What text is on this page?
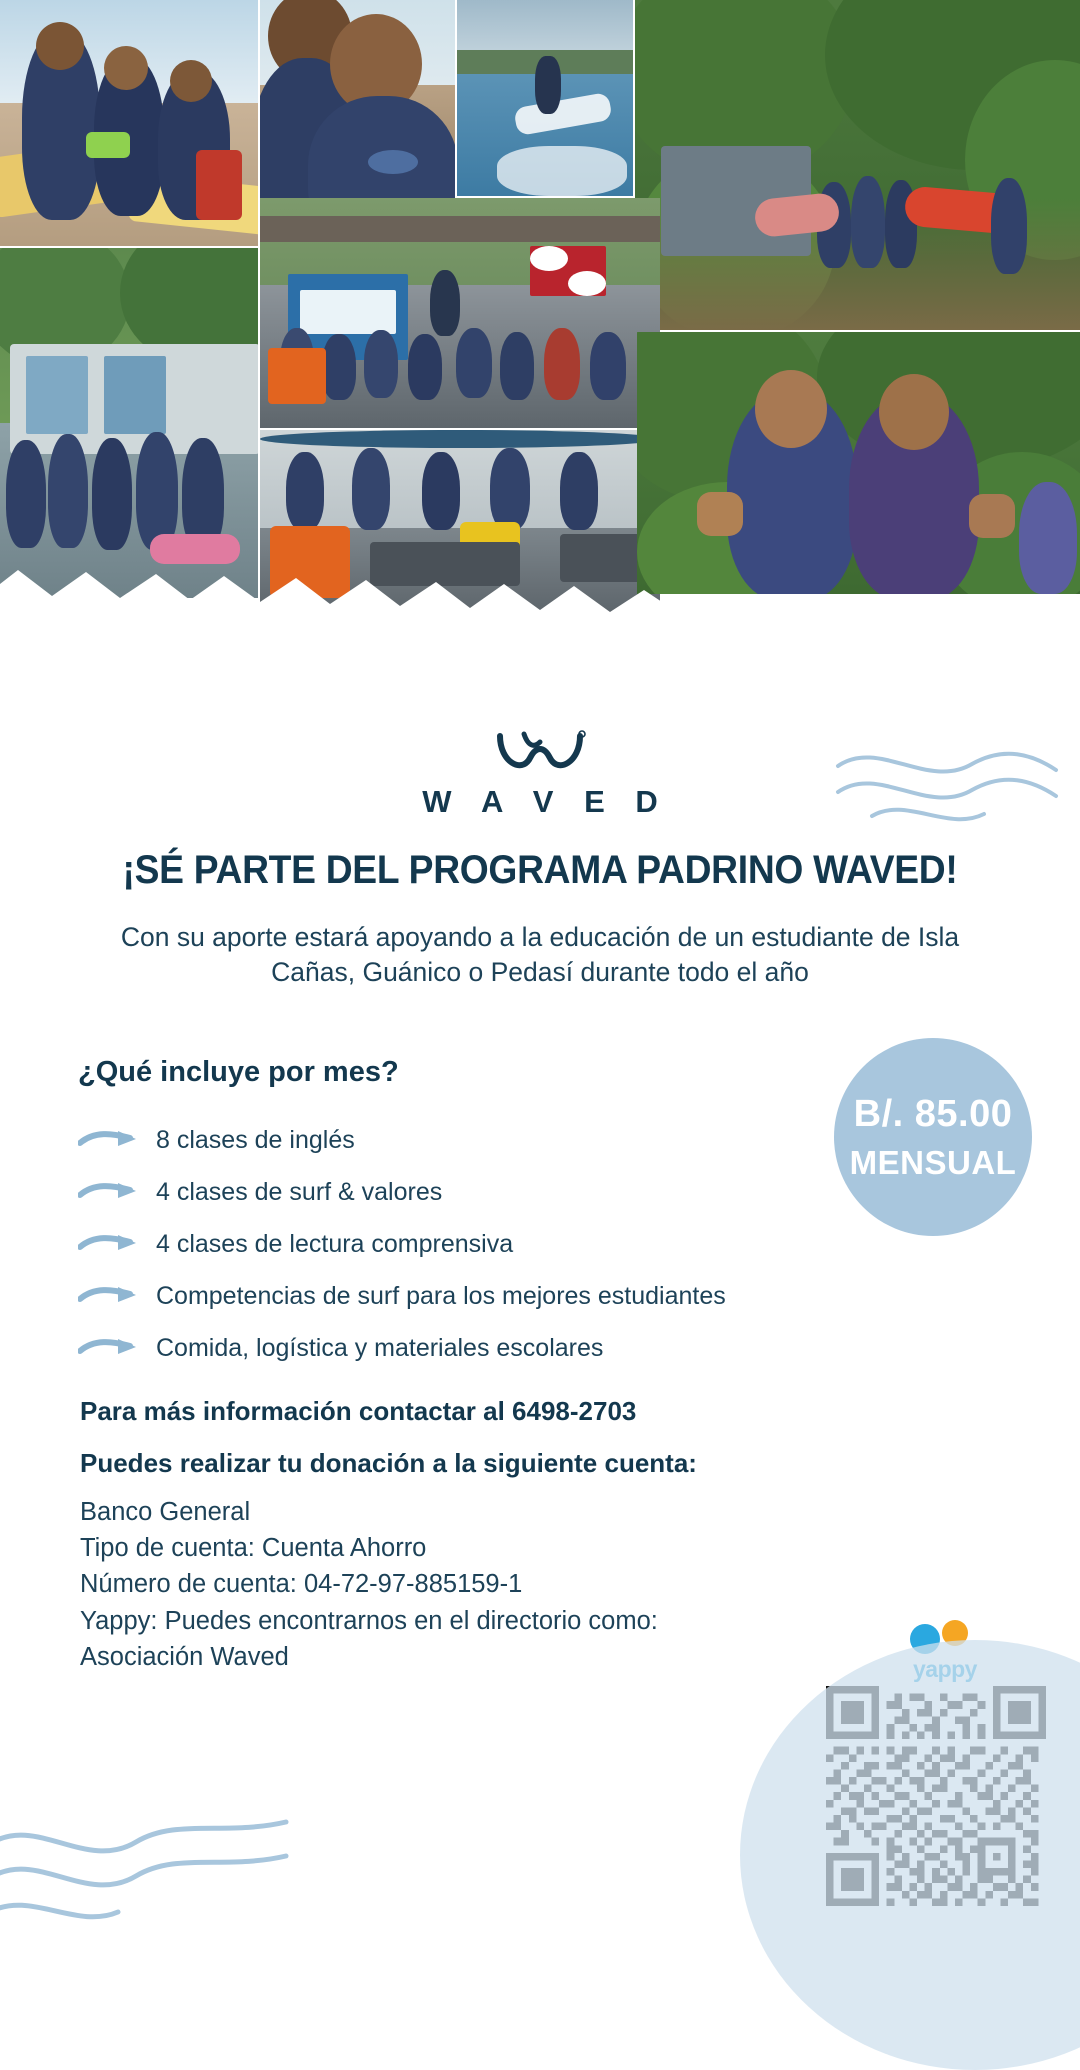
W A V E D
¡SÉ PARTE DEL PROGRAMA PADRINO WAVED!
Con su aporte estará apoyando a la educación de un estudiante de Isla Cañas, Guánico o Pedasí durante todo el año
¿Qué incluye por mes?
8 clases de inglés
4 clases de surf & valores
4 clases de lectura comprensiva
Competencias de surf para los mejores estudiantes
Comida, logística y materiales escolares
B/. 85.00
MENSUAL
Para más información contactar al 6498-2703
Puedes realizar tu donación a la siguiente cuenta:
Banco General
Tipo de cuenta: Cuenta Ahorro
Número de cuenta: 04-72-97-885159-1
Yappy: Puedes encontrarnos en el directorio como:
Asociación Waved
